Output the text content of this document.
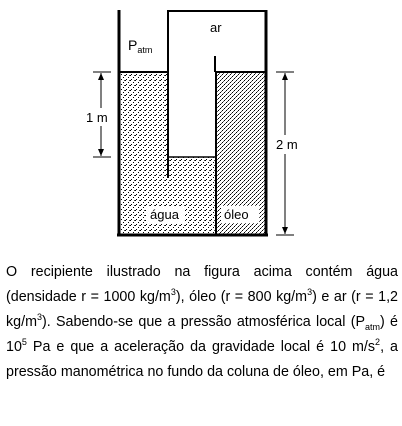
$P_{atm}$
ar
1 m
2 m
água	óleo

O recipiente ilustrado na figura acima contém água (densidade r = 1000 $kg/m^3$), óleo (r = 800 $kg/m^3$) e ar (r = 1,2 $kg/m^3$). Sabendo-se que a pressão atmosférica local $(P_{atm})$ é $10^5$ Pa e que a aceleração da gravidade local é 10 $m/s^2$, a pressão manométrica no fundo da coluna de óleo, em Pa, é
